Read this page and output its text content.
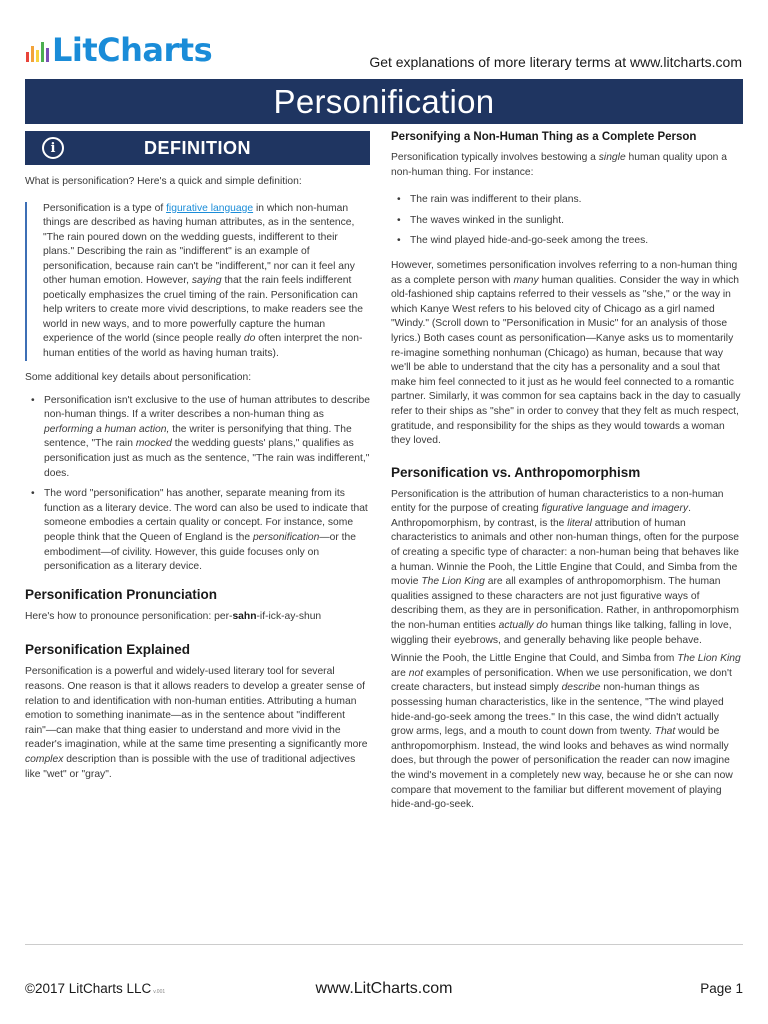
LitCharts	Get explanations of more literary terms at www.litcharts.com
Personification
i	DEFINITION

What is personification? Here's a quick and simple definition:

Personification is a type of figurative language in which non-human things are described as having human attributes, as in the sentence, "The rain poured down on the wedding guests, indifferent to their plans." Describing the rain as "indifferent" is an example of personification, because rain can't be "indifferent," nor can it feel any other human emotion. However, saying that the rain feels indifferent poetically emphasizes the cruel timing of the rain. Personification can help writers to create more vivid descriptions, to make readers see the world in new ways, and to more powerfully capture the human experience of the world (since people really do often interpret the non-human entities of the world as having human traits).

Some additional key details about personification:

• Personification isn't exclusive to the use of human attributes to describe non-human things. If a writer describes a non-human thing as performing a human action, the writer is personifying that thing. The sentence, "The rain mocked the wedding guests' plans," qualifies as personification just as much as the sentence, "The rain was indifferent," does.
• The word "personification" has another, separate meaning from its function as a literary device. The word can also be used to indicate that someone embodies a certain quality or concept. For instance, some people think that the Queen of England is the personification—or the embodiment—of civility. However, this guide focuses only on personification as a literary device.
Personification Pronunciation

Here's how to pronounce personification: per-sahn-if-ick-ay-shun

Personification Explained

Personification is a powerful and widely-used literary tool for several reasons. One reason is that it allows readers to develop a greater sense of relation to and identification with non-human entities. Attributing a human emotion to something inanimate—as in the sentence about "indifferent rain"—can make that thing easier to understand and more vivid in the reader's imagination, while at the same time presenting a significantly more complex description than is possible with the use of traditional adjectives like "wet" or "gray".

Personifying a Non-Human Thing as a Complete Person

Personification typically involves bestowing a single human quality upon a non-human thing. For instance:

• The rain was indifferent to their plans.
• The waves winked in the sunlight.
• The wind played hide-and-go-seek among the trees.

However, sometimes personification involves referring to a non-human thing as a complete person with many human qualities. Consider the way in which old-fashioned ship captains referred to their vessels as "she," or the way in which Kanye West refers to his beloved city of Chicago as a girl named "Windy." (Scroll down to "Personification in Music" for an analysis of those lyrics.) Both cases count as personification—Kanye asks us to momentarily re-imagine something nonhuman (Chicago) as human, because that way we'll be able to understand that the city has a personality and a soul that make him feel connected to it just as he would feel connected to a romantic partner. Similarly, it was common for sea captains back in the day to casually refer to their ships as "she" in order to convey that they felt as much respect, gratitude, and responsibility for the ships as they would towards a woman they loved.

Personification vs. Anthropomorphism

Personification is the attribution of human characteristics to a non-human entity for the purpose of creating figurative language and imagery. Anthropomorphism, by contrast, is the literal attribution of human characteristics to animals and other non-human things, often for the purpose of creating a specific type of character: a non-human being that behaves like a human. Winnie the Pooh, the Little Engine that Could, and Simba from the movie The Lion King are all examples of anthropomorphism. The human qualities assigned to these characters are not just figurative ways of describing them, as they are in personification. Rather, in anthropomorphism the non-human entities actually do human things like talking, falling in love, wiggling their eyebrows, and generally behaving like people behave.

Winnie the Pooh, the Little Engine that Could, and Simba from The Lion King are not examples of personification. When we use personification, we don't create characters, but instead simply describe non-human things as possessing human characteristics, like in the sentence, "The wind played hide-and-go-seek among the trees." In this case, the wind didn't actually grow arms, legs, and a mouth to count down from twenty. That would be anthropomorphism. Instead, the wind looks and behaves as wind normally does, but through the power of personification the reader can now imagine the wind's movement in a completely new way, because he or she can now compare that movement to the familiar but different movement of playing hide-and-go-seek.

©2017 LitCharts LLC v.001	www.LitCharts.com	Page 1
